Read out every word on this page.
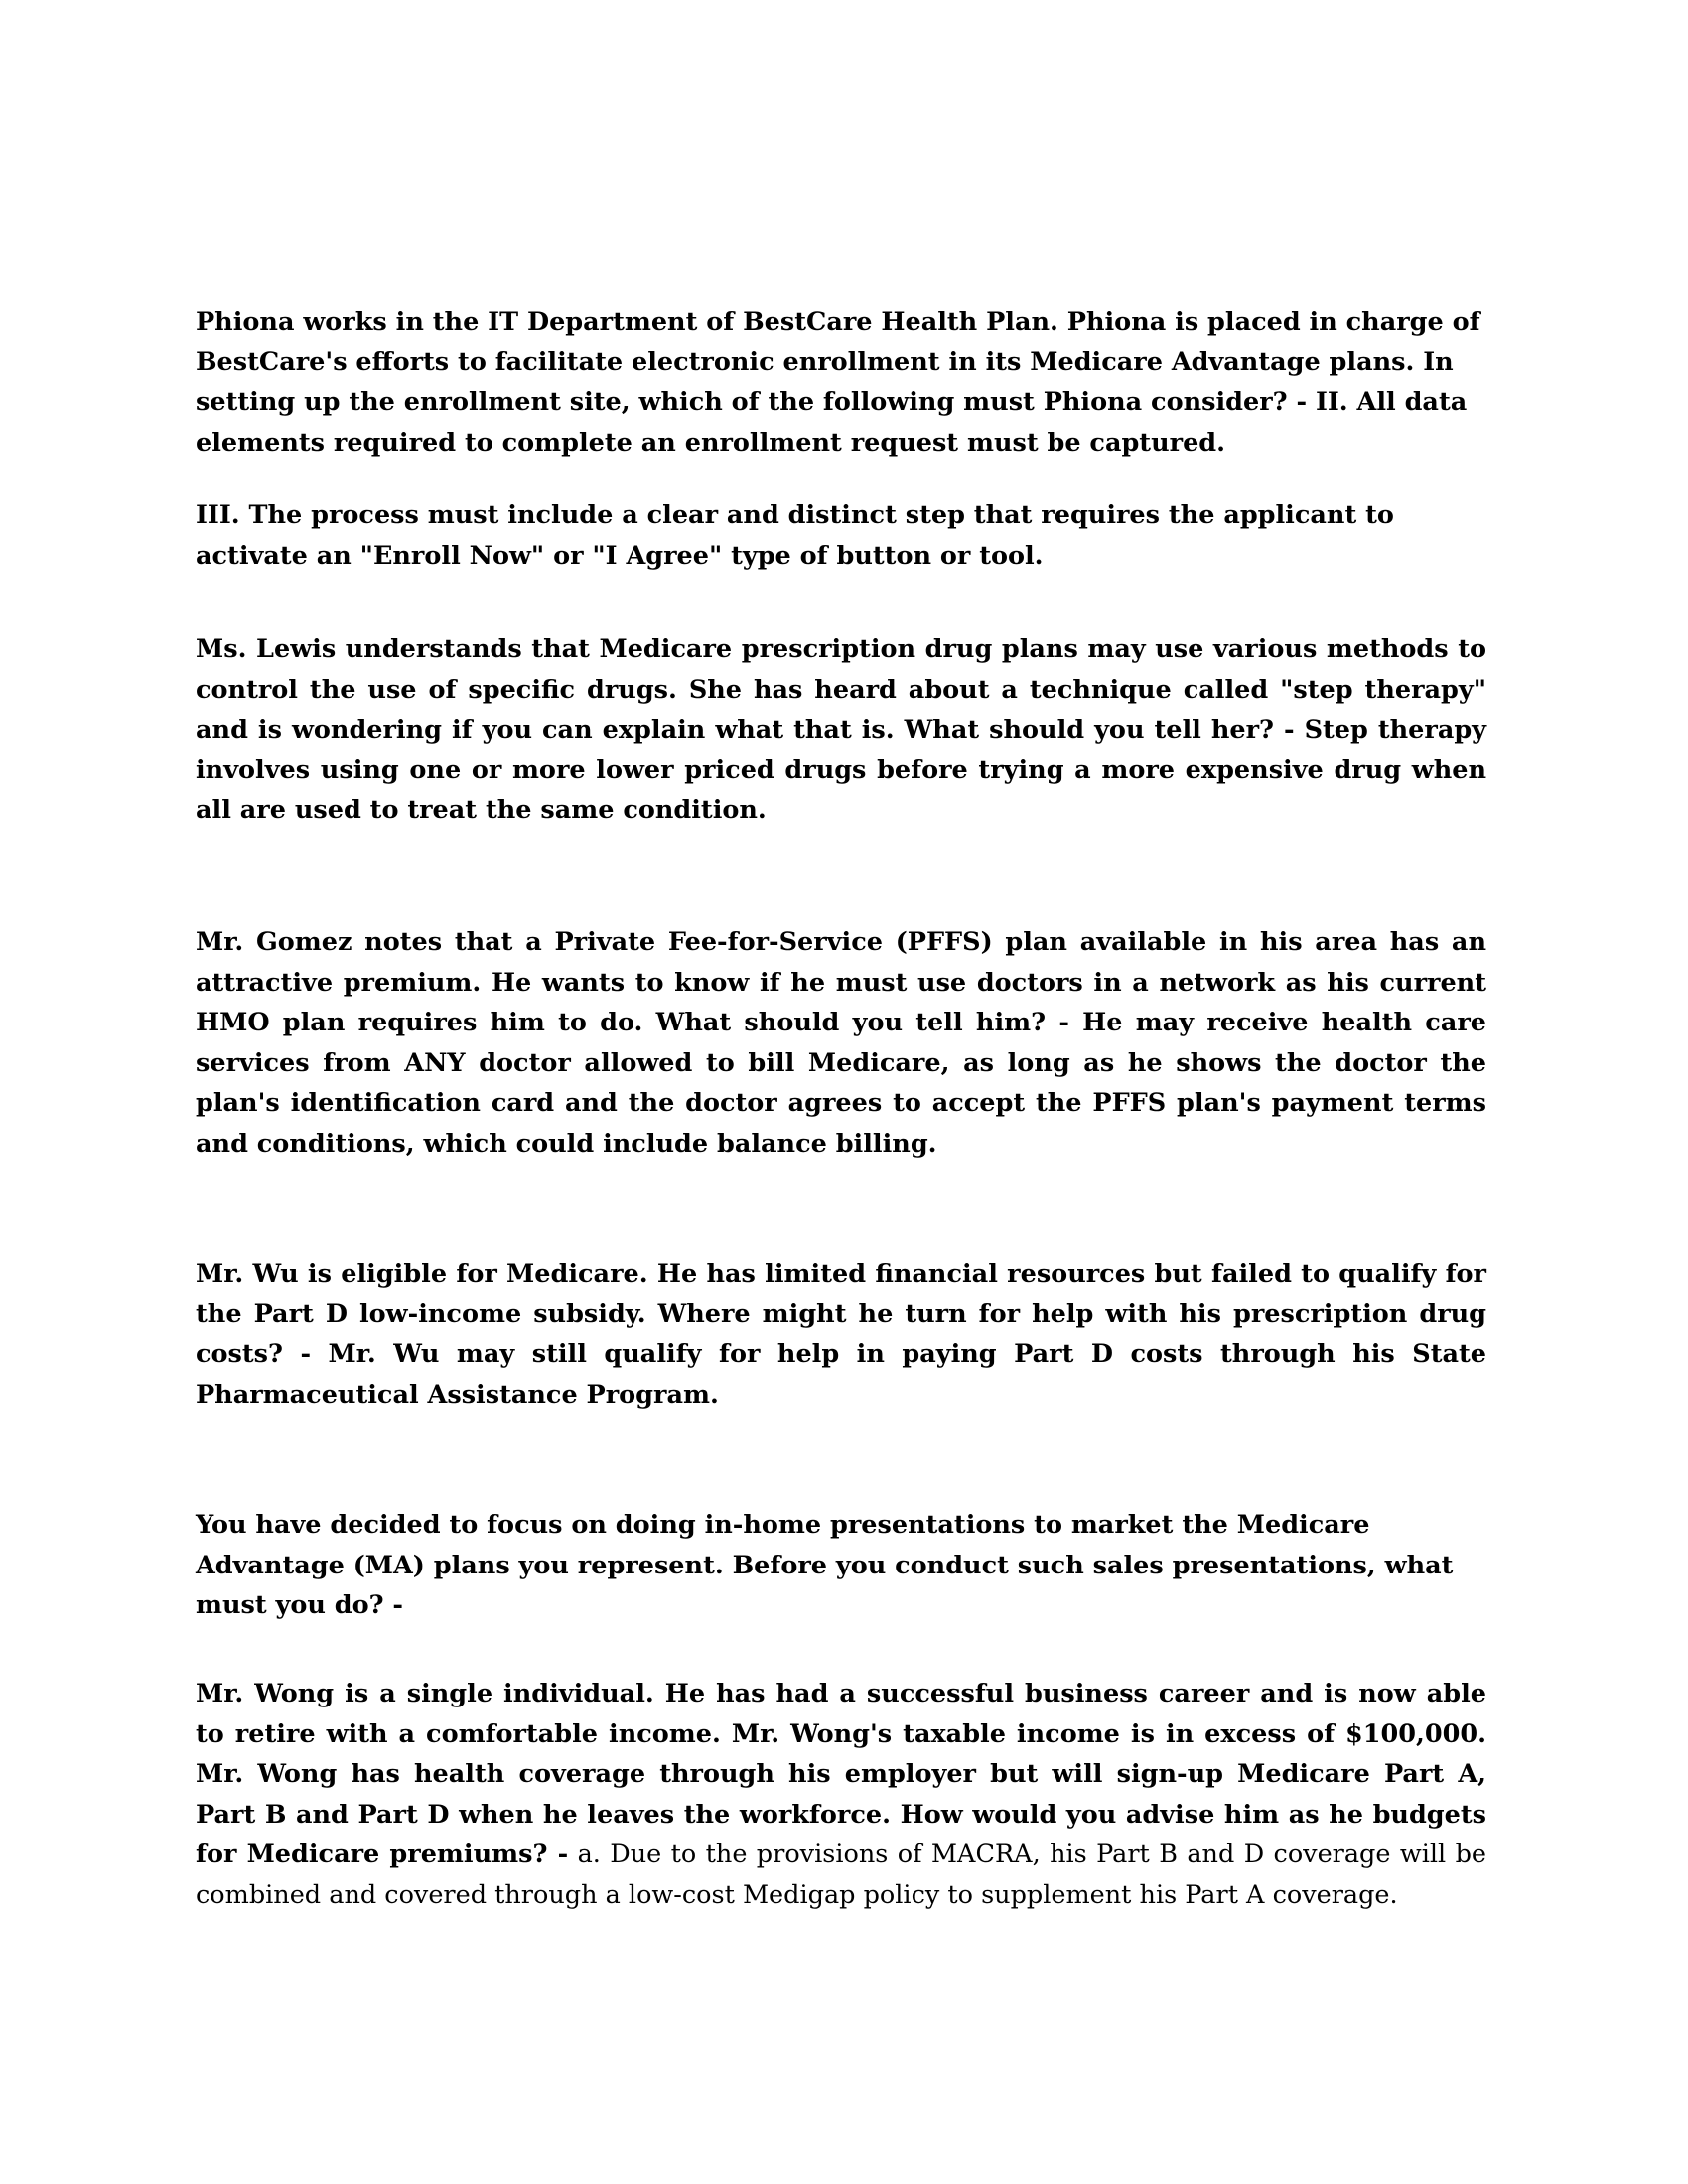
Phiona works in the IT Department of BestCare Health Plan. Phiona is placed in charge of BestCare's efforts to facilitate electronic enrollment in its Medicare Advantage plans. In setting up the enrollment site, which of the following must Phiona consider? - II. All data elements required to complete an enrollment request must be captured.

III. The process must include a clear and distinct step that requires the applicant to activate an "Enroll Now" or "I Agree" type of button or tool.

Ms. Lewis understands that Medicare prescription drug plans may use various methods to control the use of specific drugs. She has heard about a technique called "step therapy" and is wondering if you can explain what that is. What should you tell her? - Step therapy involves using one or more lower priced drugs before trying a more expensive drug when all are used to treat the same condition.

Mr. Gomez notes that a Private Fee-for-Service (PFFS) plan available in his area has an attractive premium. He wants to know if he must use doctors in a network as his current HMO plan requires him to do. What should you tell him? - He may receive health care services from ANY doctor allowed to bill Medicare, as long as he shows the doctor the plan's identification card and the doctor agrees to accept the PFFS plan's payment terms and conditions, which could include balance billing.

Mr. Wu is eligible for Medicare. He has limited financial resources but failed to qualify for the Part D low-income subsidy. Where might he turn for help with his prescription drug costs? - Mr. Wu may still qualify for help in paying Part D costs through his State Pharmaceutical Assistance Program.

You have decided to focus on doing in-home presentations to market the Medicare Advantage (MA) plans you represent. Before you conduct such sales presentations, what must you do? -

Mr. Wong is a single individual. He has had a successful business career and is now able to retire with a comfortable income. Mr. Wong's taxable income is in excess of $100,000. Mr. Wong has health coverage through his employer but will sign-up Medicare Part A, Part B and Part D when he leaves the workforce. How would you advise him as he budgets for Medicare premiums? - a. Due to the provisions of MACRA, his Part B and D coverage will be combined and covered through a low-cost Medigap policy to supplement his Part A coverage.
